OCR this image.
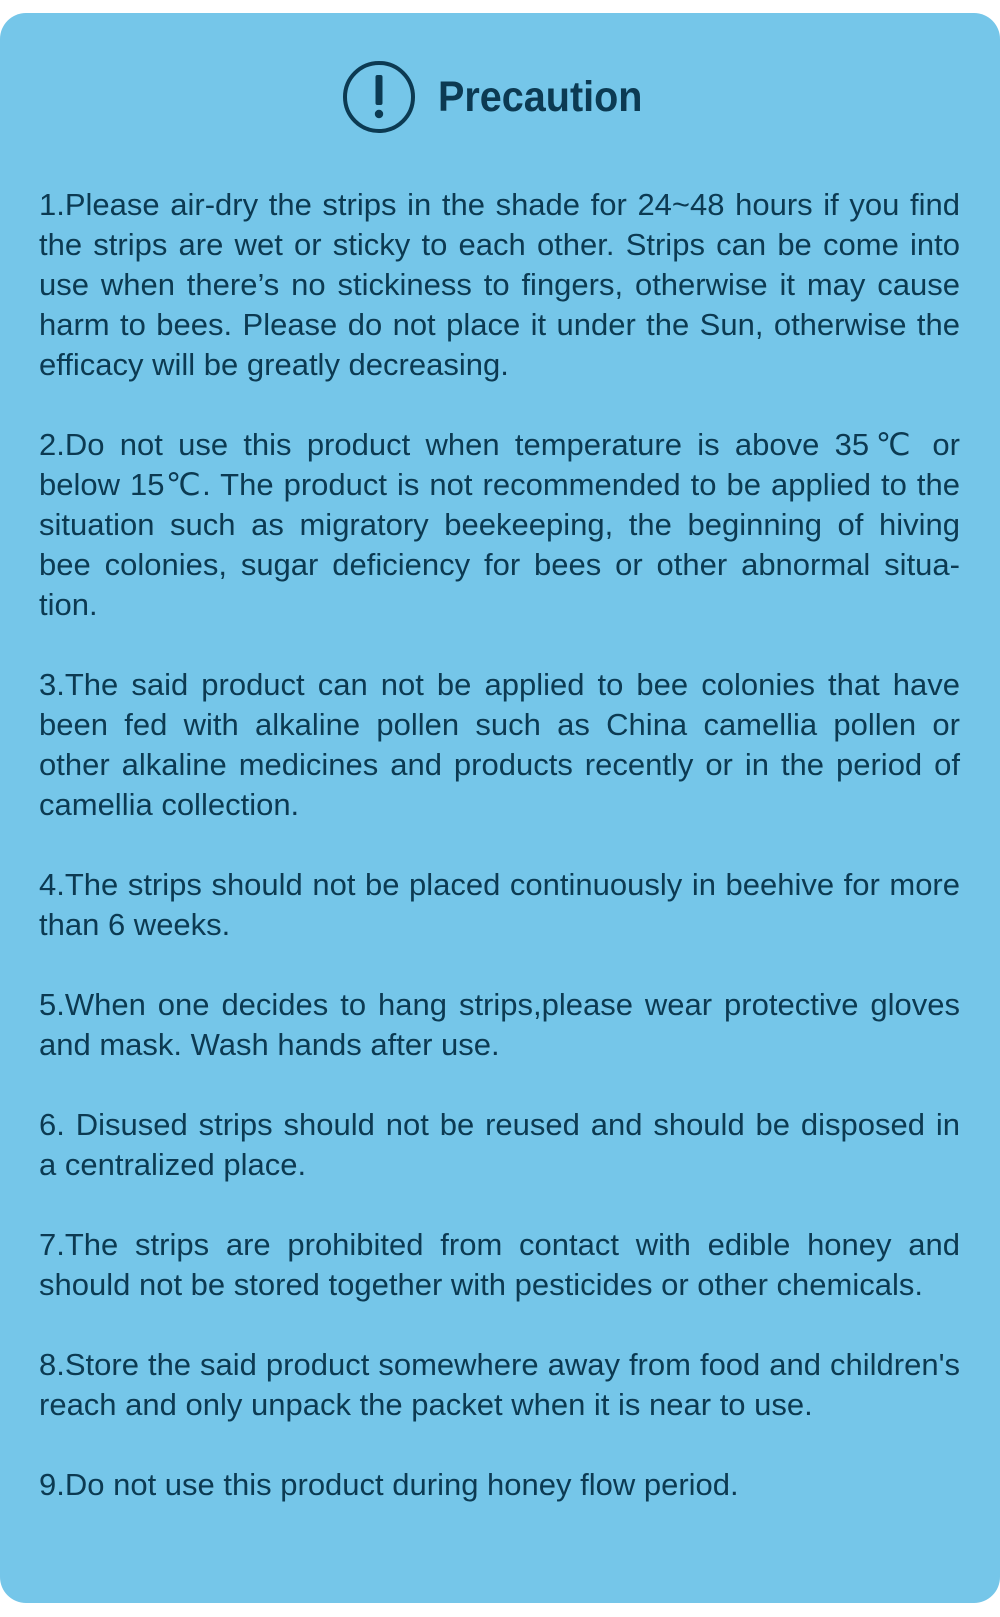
Precaution
1.Please air-dry the strips in the shade for 24~48 hours if you find the strips are wet or sticky to each other. Strips can be come into use when there’s no stickiness to fingers, otherwise it may cause harm to bees. Please do not place it under the Sun, otherwise the efficacy will be greatly decreasing.
2.Do not use this product when temperature is above 35℃ or below 15℃. The product is not recommended to be applied to the situation such as migratory beekeeping, the beginning of hiving bee colonies, sugar deficiency for bees or other abnormal situation.
3.The said product can not be applied to bee colonies that have been fed with alkaline pollen such as China camellia pollen or other alkaline medicines and products recently or in the period of camellia collection.
4.The strips should not be placed continuously in beehive for more than 6 weeks.
5.When one decides to hang strips,please wear protective gloves and mask. Wash hands after use.
6. Disused strips should not be reused and should be disposed in a centralized place.
7.The strips are prohibited from contact with edible honey and should not be stored together with pesticides or other chemicals.
8.Store the said product somewhere away from food and children's reach and only unpack the packet when it is near to use.
9.Do not use this product during honey flow period.
